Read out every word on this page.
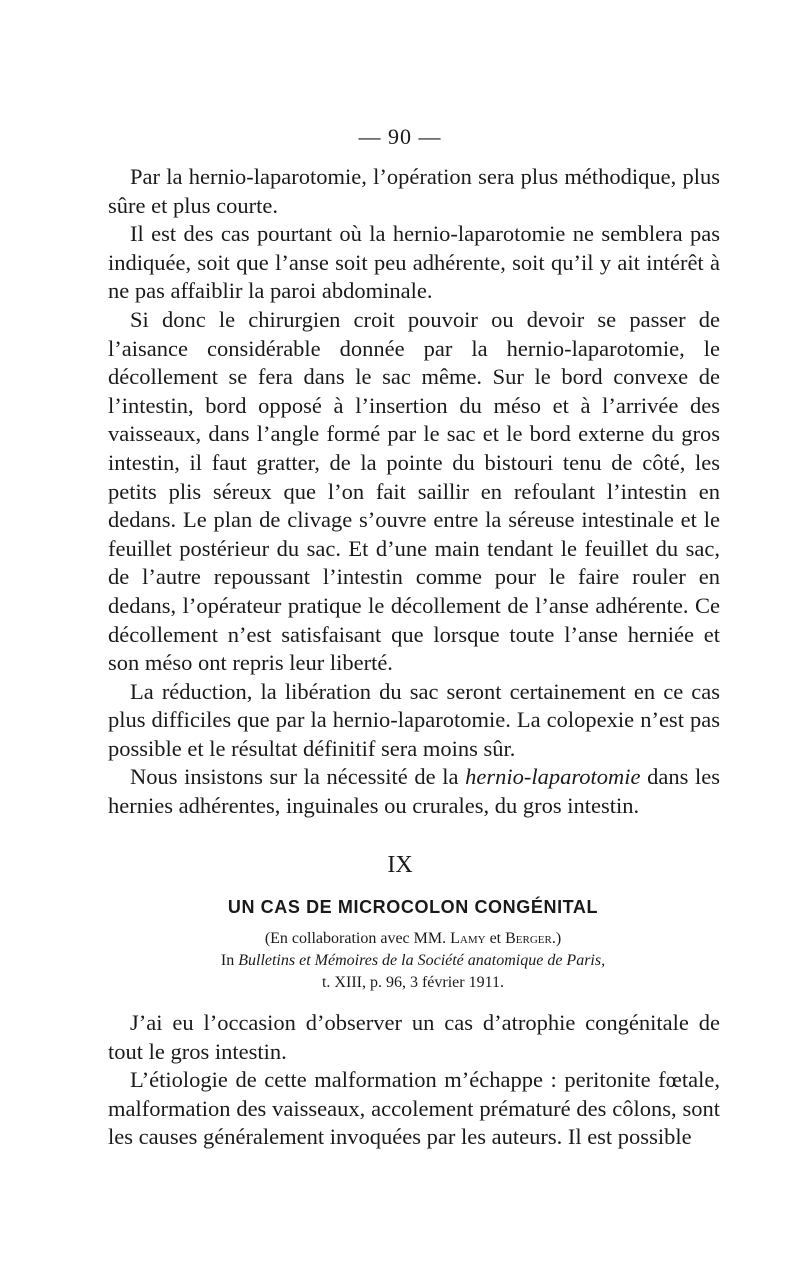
— 90 —

Par la hernio-laparotomie, l’opération sera plus méthodique, plus sûre et plus courte.

Il est des cas pourtant où la hernio-laparotomie ne semblera pas indiquée, soit que l’anse soit peu adhérente, soit qu’il y ait intérêt à ne pas affaiblir la paroi abdominale.

Si donc le chirurgien croit pouvoir ou devoir se passer de l’aisance considérable donnée par la hernio-laparotomie, le décollement se fera dans le sac même. Sur le bord convexe de l’intestin, bord opposé à l’insertion du méso et à l’arrivée des vaisseaux, dans l’angle formé par le sac et le bord externe du gros intestin, il faut gratter, de la pointe du bistouri tenu de côté, les petits plis séreux que l’on fait saillir en refoulant l’intestin en dedans. Le plan de clivage s’ouvre entre la séreuse intestinale et le feuillet postérieur du sac. Et d’une main tendant le feuillet du sac, de l’autre repoussant l’intestin comme pour le faire rouler en dedans, l’opérateur pratique le décollement de l’anse adhérente. Ce décollement n’est satisfaisant que lorsque toute l’anse herniée et son méso ont repris leur liberté.

La réduction, la libération du sac seront certainement en ce cas plus difficiles que par la hernio-laparotomie. La colopexie n’est pas possible et le résultat définitif sera moins sûr.

Nous insistons sur la nécessité de la hernio-laparotomie dans les hernies adhérentes, inguinales ou crurales, du gros intestin.

IX
UN CAS DE MICROCOLON CONGÉNITAL
(En collaboration avec MM. Lamy et Berger.)
In Bulletins et Mémoires de la Société anatomique de Paris,
t. XIII, p. 96, 3 février 1911.

J’ai eu l’occasion d’observer un cas d’atrophie congénitale de tout le gros intestin.

L’étiologie de cette malformation m’échappe : peritonite fœtale, malformation des vaisseaux, accolement prématuré des côlons, sont les causes généralement invoquées par les auteurs. Il est possible
